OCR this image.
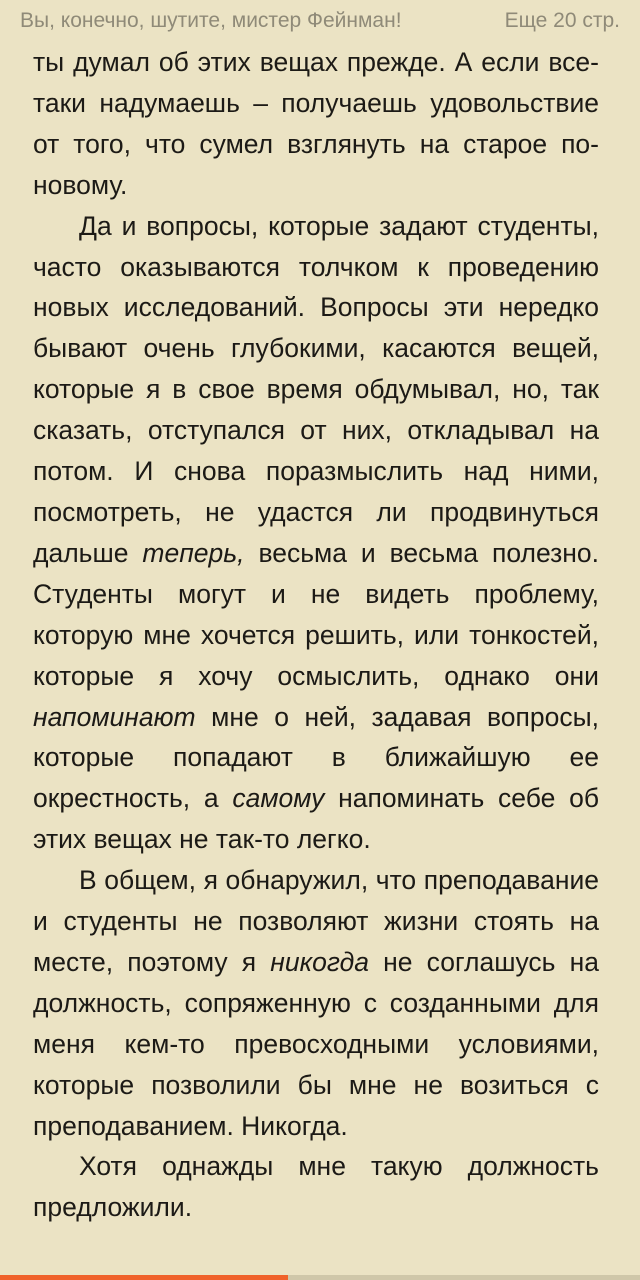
Вы, конечно, шутите, мистер Фейнман!	Еще 20 стр.

ты думал об этих вещах прежде. А если все-таки надумаешь – получаешь удовольствие от того, что сумел взглянуть на старое по-новому.

Да и вопросы, которые задают студенты, часто оказываются толчком к проведению новых исследований. Вопросы эти нередко бывают очень глубокими, касаются вещей, которые я в свое время обдумывал, но, так сказать, отступался от них, откладывал на потом. И снова поразмыслить над ними, посмотреть, не удастся ли продвинуться дальше теперь, весьма и весьма полезно. Студенты могут и не видеть проблему, которую мне хочется решить, или тонкостей, которые я хочу осмыслить, однако они напоминают мне о ней, задавая вопросы, которые попадают в ближайшую ее окрестность, а самому напоминать себе об этих вещах не так-то легко.

В общем, я обнаружил, что преподавание и студенты не позволяют жизни стоять на месте, поэтому я никогда не соглашусь на должность, сопряженную с созданными для меня кем-то превосходными условиями, которые позволили бы мне не возиться с преподаванием. Никогда.

Хотя однажды мне такую должность предложили.
